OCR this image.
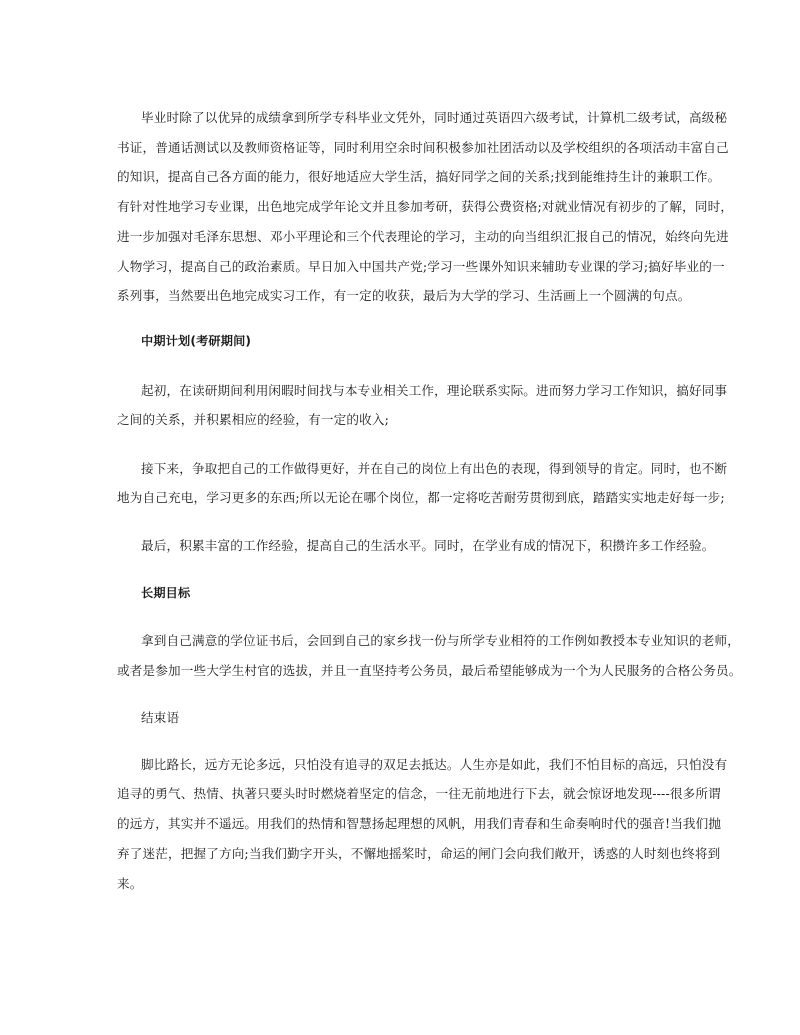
毕业时除了以优异的成绩拿到所学专科毕业文凭外，同时通过英语四六级考试，计算机二级考试，高级秘
书证，普通话测试以及教师资格证等，同时利用空余时间积极参加社团活动以及学校组织的各项活动丰富自己
的知识，提高自己各方面的能力，很好地适应大学生活，搞好同学之间的关系;找到能维持生计的兼职工作。
有针对性地学习专业课，出色地完成学年论文并且参加考研，获得公费资格;对就业情况有初步的了解，同时，
进一步加强对毛泽东思想、邓小平理论和三个代表理论的学习，主动的向当组织汇报自己的情况，始终向先进
人物学习，提高自己的政治素质。早日加入中国共产党;学习一些课外知识来辅助专业课的学习;搞好毕业的一
系列事，当然要出色地完成实习工作，有一定的收获，最后为大学的学习、生活画上一个圆满的句点。
中期计划(考研期间)
起初，在读研期间利用闲暇时间找与本专业相关工作，理论联系实际。进而努力学习工作知识，搞好同事
之间的关系，并积累相应的经验，有一定的收入;
接下来，争取把自己的工作做得更好，并在自己的岗位上有出色的表现，得到领导的肯定。同时，也不断
地为自己充电，学习更多的东西;所以无论在哪个岗位，都一定将吃苦耐劳贯彻到底，踏踏实实地走好每一步;
最后，积累丰富的工作经验，提高自己的生活水平。同时，在学业有成的情况下，积攒许多工作经验。
长期目标
拿到自己满意的学位证书后，会回到自己的家乡找一份与所学专业相符的工作例如教授本专业知识的老师，
或者是参加一些大学生村官的选拔，并且一直坚持考公务员，最后希望能够成为一个为人民服务的合格公务员。
结束语
脚比路长，远方无论多远，只怕没有追寻的双足去抵达。人生亦是如此，我们不怕目标的高远，只怕没有
追寻的勇气、热情、执著只要头时时燃烧着坚定的信念，一往无前地进行下去，就会惊讶地发现----很多所谓
的远方，其实并不遥远。用我们的热情和智慧扬起理想的风帆，用我们青春和生命奏响时代的强音!当我们抛
弃了迷茫，把握了方向;当我们勤字开头，不懈地摇桨时，命运的闸门会向我们敞开，诱惑的人时刻也终将到
来。
